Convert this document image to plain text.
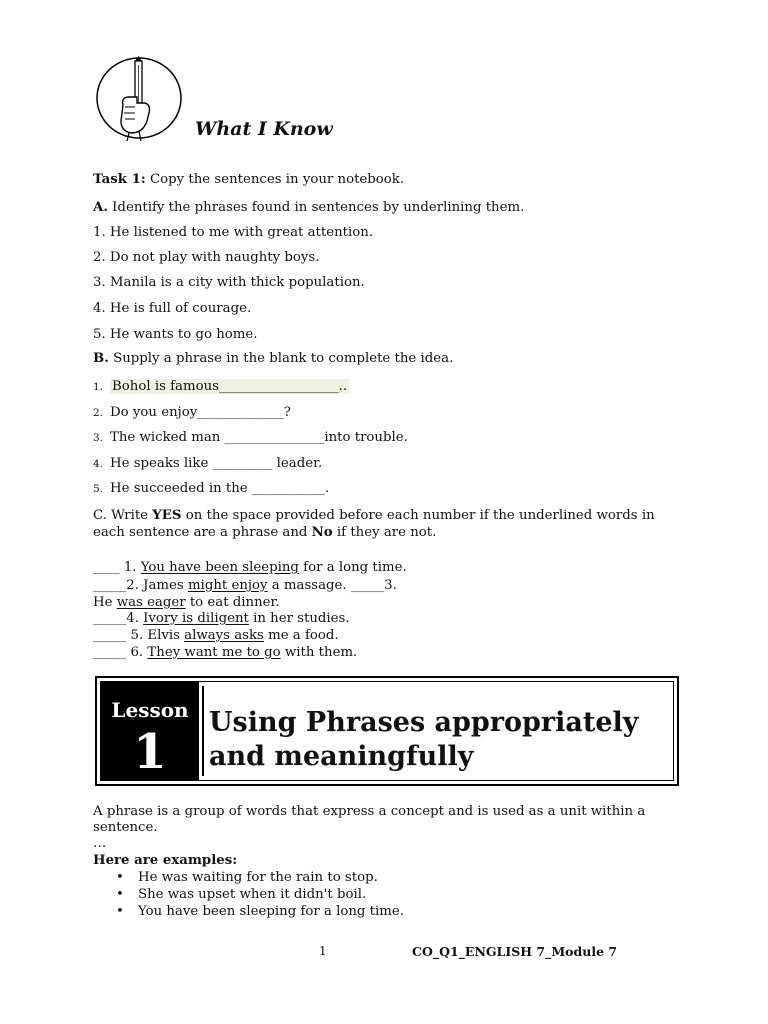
What I Know
Task 1: Copy the sentences in your notebook.
A. Identify the phrases found in sentences by underlining them.
1. He listened to me with great attention.
2. Do not play with naughty boys.
3. Manila is a city with thick population.
4. He is full of courage.
5. He wants to go home.
B. Supply a phrase in the blank to complete the idea.
1. Bohol is famous__________________..
2. Do you enjoy_____________?
3. The wicked man _______________into trouble.
4. He speaks like _________ leader.
5. He succeeded in the ___________.
C. Write YES on the space provided before each number if the underlined words in
each sentence are a phrase and No if they are not.
____ 1. You have been sleeping for a long time.
_____2. James might enjoy a massage. _____3.
He was eager to eat dinner.
_____4. Ivory is diligent in her studies.
_____ 5. Elvis always asks me a food.
_____ 6. They want me to go with them.
Lesson
1
Using Phrases appropriately
and meaningfully
A phrase is a group of words that express a concept and is used as a unit within a
sentence.
…
Here are examples:
• He was waiting for the rain to stop.
• She was upset when it didn't boil.
• You have been sleeping for a long time.
1	CO_Q1_ENGLISH 7_Module 7
